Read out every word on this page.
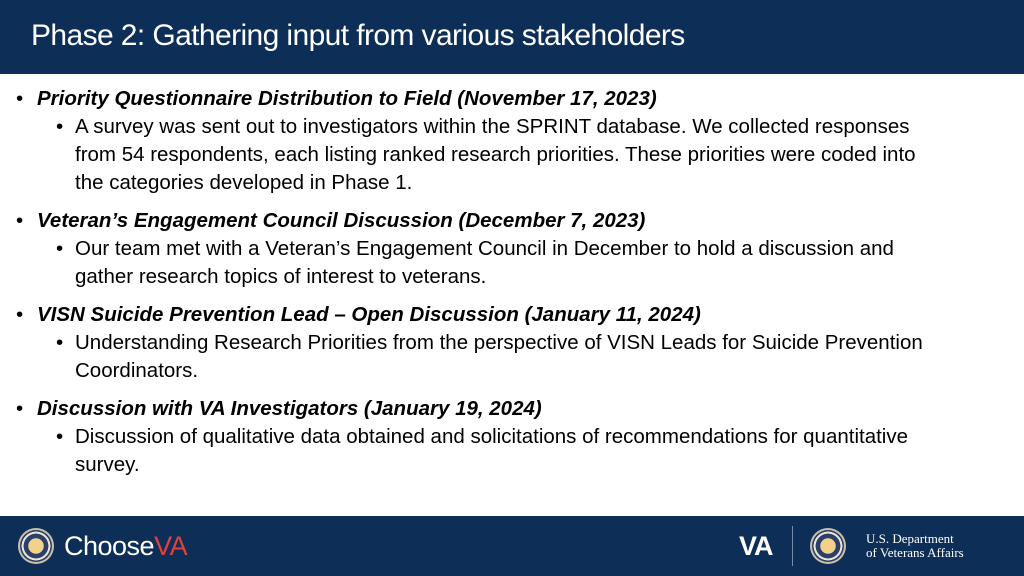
Phase 2: Gathering input from various stakeholders
• Priority Questionnaire Distribution to Field (November 17, 2023)
• A survey was sent out to investigators within the SPRINT database. We collected responses from 54 respondents, each listing ranked research priorities. These priorities were coded into the categories developed in Phase 1.
• Veteran’s Engagement Council Discussion (December 7, 2023)
• Our team met with a Veteran’s Engagement Council in December to hold a discussion and gather research topics of interest to veterans.
• VISN Suicide Prevention Lead – Open Discussion (January 11, 2024)
• Understanding Research Priorities from the perspective of VISN Leads for Suicide Prevention Coordinators.
• Discussion with VA Investigators (January 19, 2024)
• Discussion of qualitative data obtained and solicitations of recommendations for quantitative survey.
ChooseVA	VA	U.S. Department
of Veterans Affairs
